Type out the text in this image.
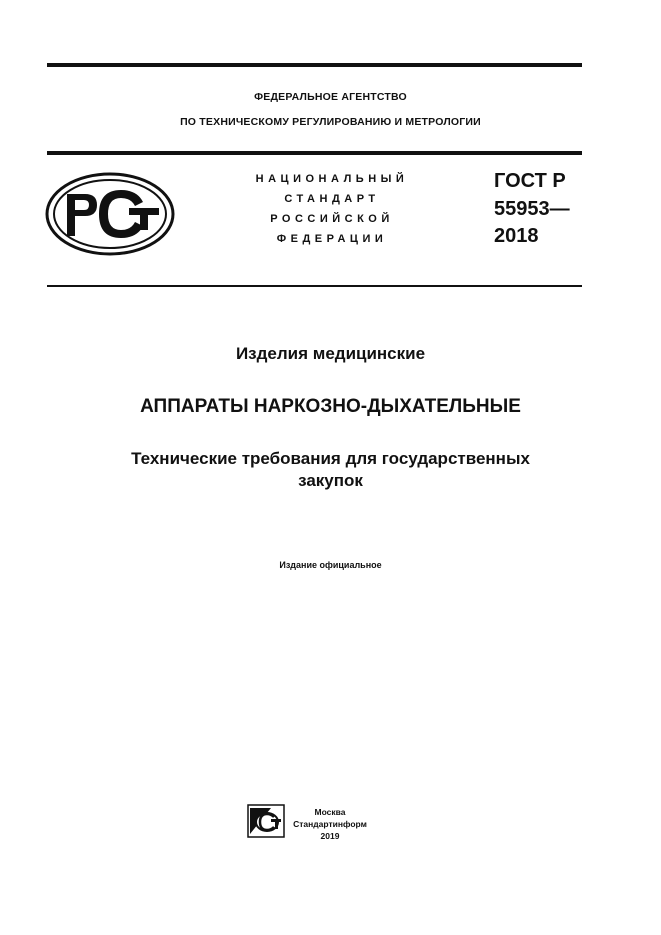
ФЕДЕРАЛЬНОЕ АГЕНТСТВО
ПО ТЕХНИЧЕСКОМУ РЕГУЛИРОВАНИЮ И МЕТРОЛОГИИ
НАЦИОНАЛЬНЫЙ
СТАНДАРТ
РОССИЙСКОЙ
ФЕДЕРАЦИИ
ГОСТ Р
55953—
2018
Изделия медицинские
АППАРАТЫ НАРКОЗНО-ДЫХАТЕЛЬНЫЕ
Технические требования для государственных
закупок
Издание официальное
Москва
Стандартинформ
2019
